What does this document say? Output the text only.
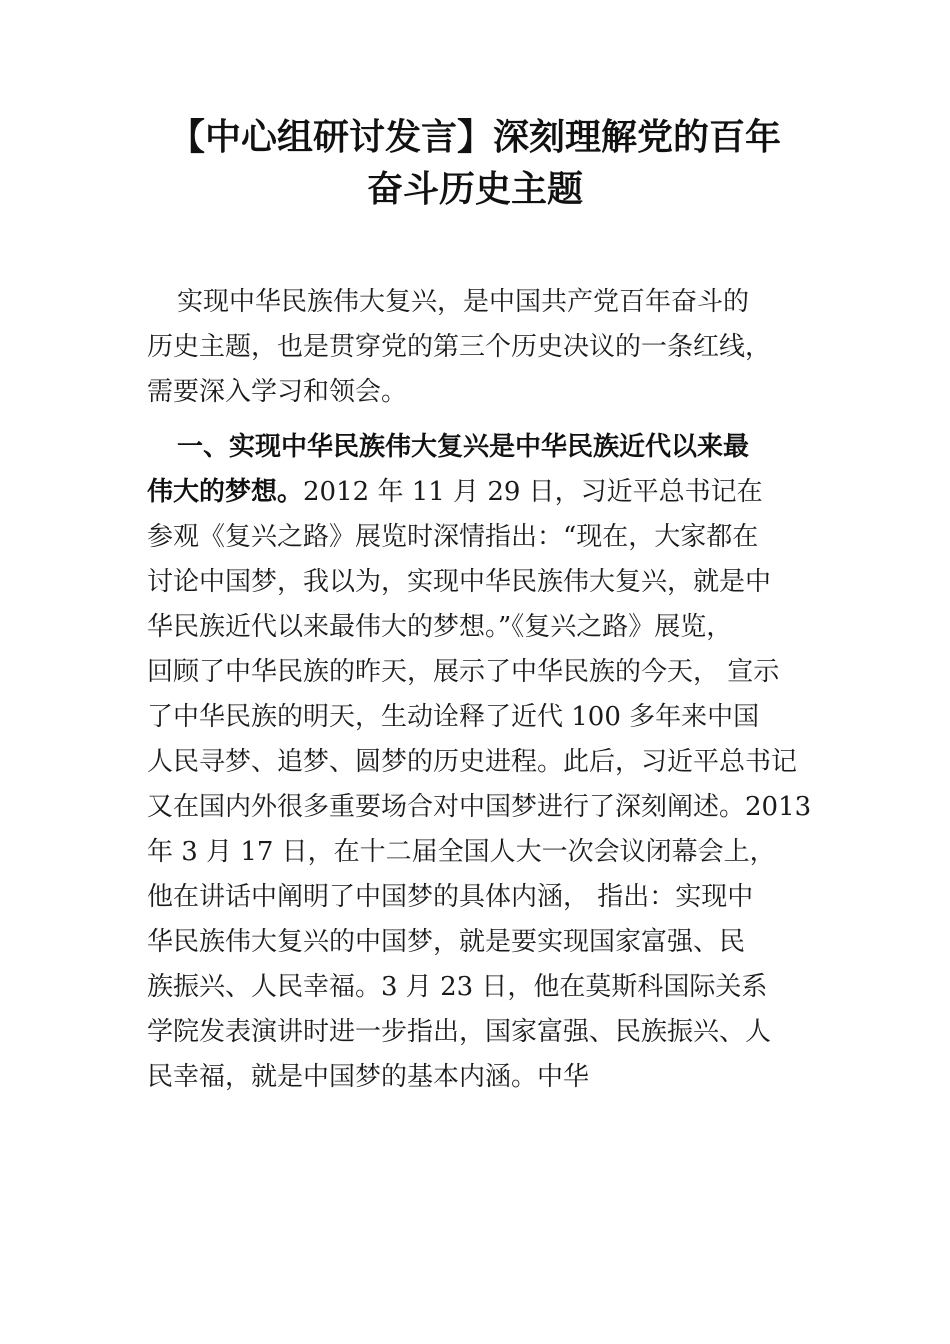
【中心组研讨发言】深刻理解党的百年
奋斗历史主题
实现中华民族伟大复兴，是中国共产党百年奋斗的
历史主题，也是贯穿党的第三个历史决议的一条红线，
需要深入学习和领会。
一、实现中华民族伟大复兴是中华民族近代以来最
伟大的梦想。2012 年 11 月 29 日，习近平总书记在
参观《复兴之路》展览时深情指出：“现在，大家都在
讨论中国梦，我以为，实现中华民族伟大复兴，就是中
华民族近代以来最伟大的梦想。”《复兴之路》展览，
回顾了中华民族的昨天，展示了中华民族的今天， 宣示
了中华民族的明天，生动诠释了近代 100 多年来中国
人民寻梦、追梦、圆梦的历史进程。此后，习近平总书记
又在国内外很多重要场合对中国梦进行了深刻阐述。2013
年 3 月 17 日，在十二届全国人大一次会议闭幕会上，
他在讲话中阐明了中国梦的具体内涵， 指出：实现中
华民族伟大复兴的中国梦，就是要实现国家富强、民
族振兴、人民幸福。3 月 23 日，他在莫斯科国际关系
学院发表演讲时进一步指出，国家富强、民族振兴、人
民幸福，就是中国梦的基本内涵。中华
